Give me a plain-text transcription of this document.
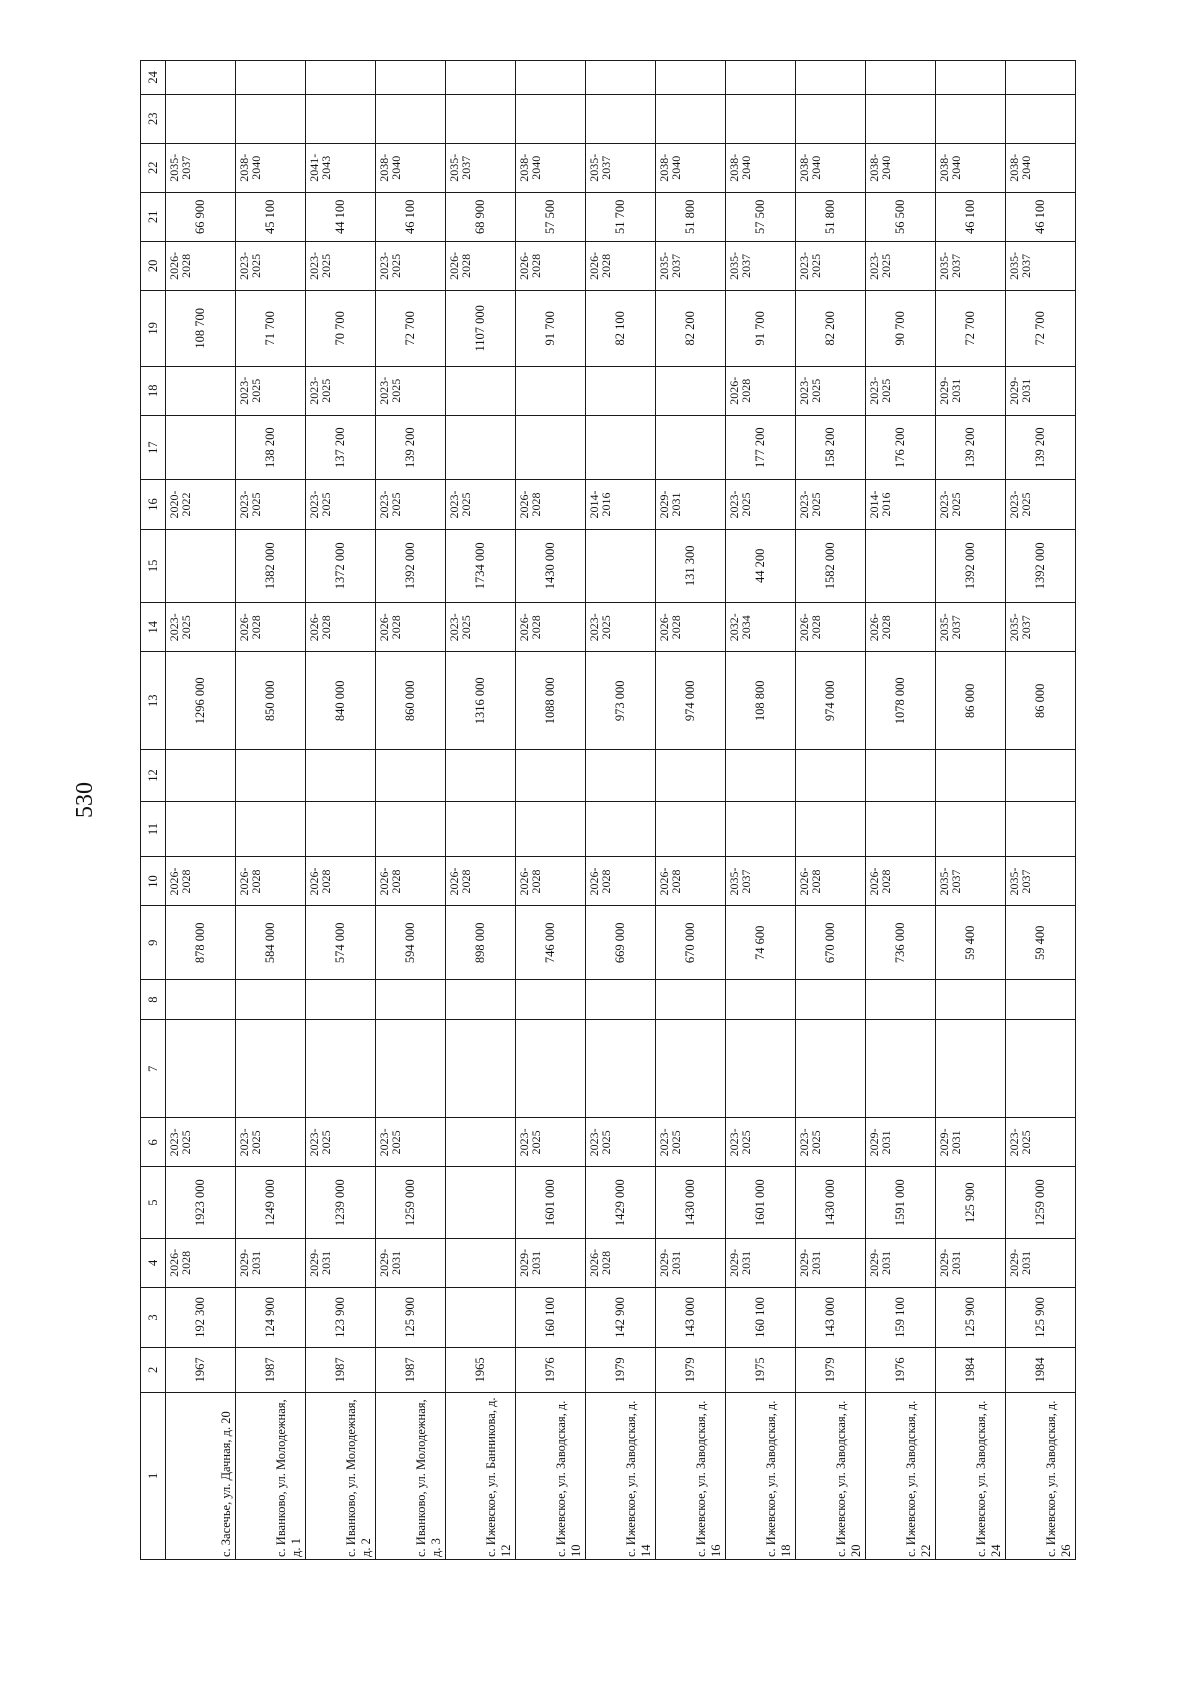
530
1	2	3	4	5	6	7	8	9	10	11	12	13	14	15	16	17	18	19	20	21	22	23	24
с. Засечье, ул. Дачная, д. 20	1967	192 300	2026-2028	1923 000	2023-2025			878 000	2026-2028			1296 000	2023-2025		2020-2022			108 700	2026-2028	66 900	2035-2037		
с. Иванково, ул. Молодежная, д. 1	1987	124 900	2029-2031	1249 000	2023-2025			584 000	2026-2028			850 000	2026-2028	1382 000	2023-2025	138 200	2023-2025	71 700	2023-2025	45 100	2038-2040		
с. Иванково, ул. Молодежная, д. 2	1987	123 900	2029-2031	1239 000	2023-2025			574 000	2026-2028			840 000	2026-2028	1372 000	2023-2025	137 200	2023-2025	70 700	2023-2025	44 100	2041-2043		
с. Иванково, ул. Молодежная, д. 3	1987	125 900	2029-2031	1259 000	2023-2025			594 000	2026-2028			860 000	2026-2028	1392 000	2023-2025	139 200	2023-2025	72 700	2023-2025	46 100	2038-2040		
с. Ижевское, ул. Банникова, д. 12	1965							898 000	2026-2028			1316 000	2023-2025	1734 000	2023-2025			1107 000	2026-2028	68 900	2035-2037		
с. Ижевское, ул. Заводская, д. 10	1976	160 100	2029-2031	1601 000	2023-2025			746 000	2026-2028			1088 000	2026-2028	1430 000	2026-2028			91 700	2026-2028	57 500	2038-2040		
с. Ижевское, ул. Заводская, д. 14	1979	142 900	2026-2028	1429 000	2023-2025			669 000	2026-2028			973 000	2023-2025		2014-2016			82 100	2026-2028	51 700	2035-2037		
с. Ижевское, ул. Заводская, д. 16	1979	143 000	2029-2031	1430 000	2023-2025			670 000	2026-2028			974 000	2026-2028	131 300	2029-2031			82 200	2035-2037	51 800	2038-2040		
с. Ижевское, ул. Заводская, д. 18	1975	160 100	2029-2031	1601 000	2023-2025			74 600	2035-2037			108 800	2032-2034	44 200	2023-2025	177 200	2026-2028	91 700	2035-2037	57 500	2038-2040		
с. Ижевское, ул. Заводская, д. 20	1979	143 000	2029-2031	1430 000	2023-2025			670 000	2026-2028			974 000	2026-2028	1582 000	2023-2025	158 200	2023-2025	82 200	2023-2025	51 800	2038-2040		
с. Ижевское, ул. Заводская, д. 22	1976	159 100	2029-2031	1591 000	2029-2031			736 000	2026-2028			1078 000	2026-2028		2014-2016	176 200	2023-2025	90 700	2023-2025	56 500	2038-2040		
с. Ижевское, ул. Заводская, д. 24	1984	125 900	2029-2031	125 900	2029-2031			59 400	2035-2037			86 000	2035-2037	1392 000	2023-2025	139 200	2029-2031	72 700	2035-2037	46 100	2038-2040		
с. Ижевское, ул. Заводская, д. 26	1984	125 900	2029-2031	1259 000	2023-2025			59 400	2035-2037			86 000	2035-2037	1392 000	2023-2025	139 200	2029-2031	72 700	2035-2037	46 100	2038-2040		
